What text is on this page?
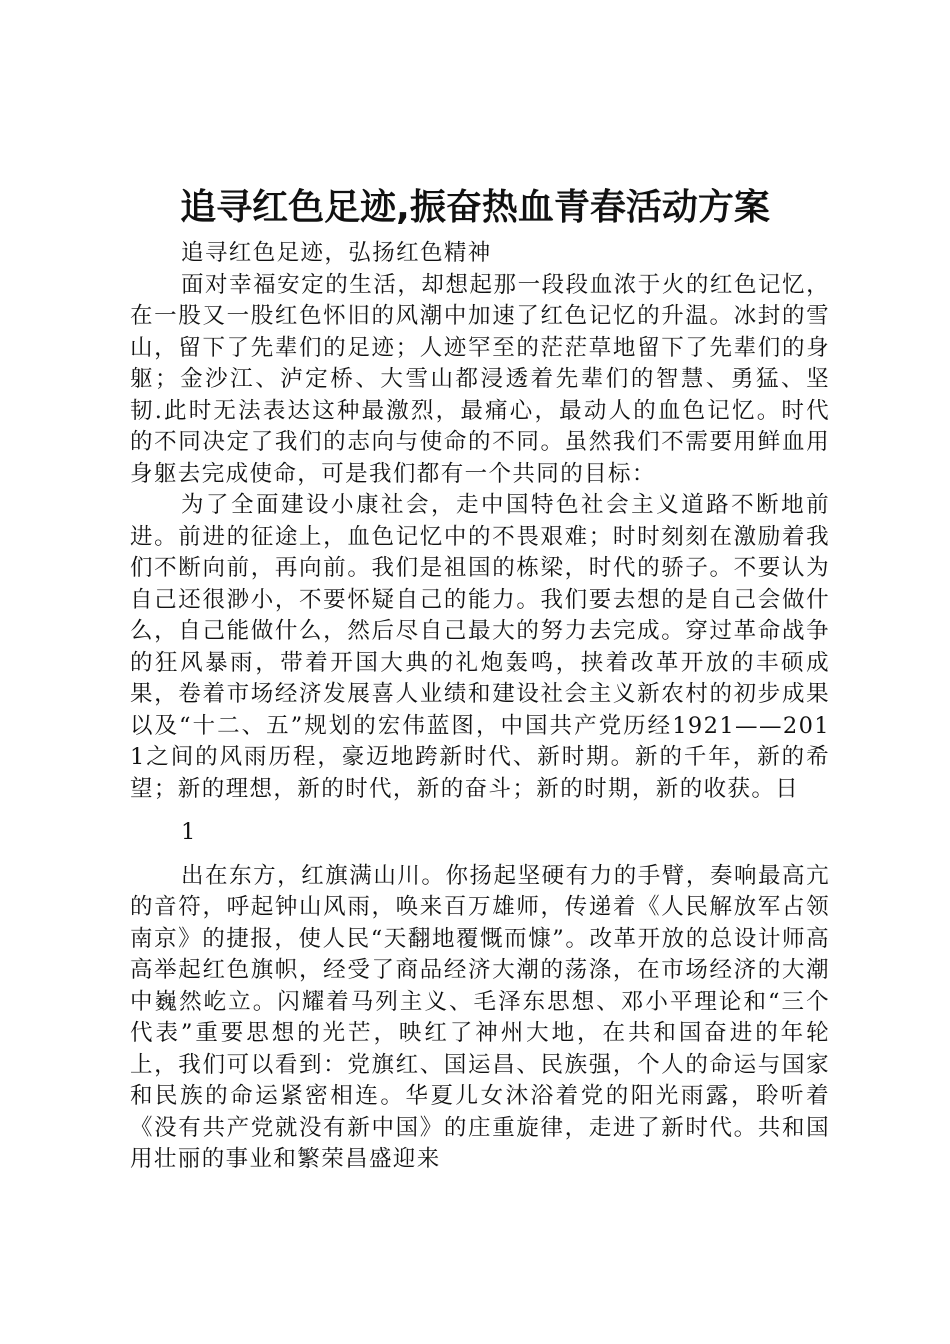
追寻红色足迹,振奋热血青春活动方案

追寻红色足迹，弘扬红色精神

面对幸福安定的生活，却想起那一段段血浓于火的红色记忆，在一股又一股红色怀旧的风潮中加速了红色记忆的升温。冰封的雪山，留下了先辈们的足迹；人迹罕至的茫茫草地留下了先辈们的身躯；金沙江、泸定桥、大雪山都浸透着先辈们的智慧、勇猛、坚韧.此时无法表达这种最激烈，最痛心，最动人的血色记忆。时代的不同决定了我们的志向与使命的不同。虽然我们不需要用鲜血用身躯去完成使命，可是我们都有一个共同的目标：

为了全面建设小康社会，走中国特色社会主义道路不断地前进。前进的征途上，血色记忆中的不畏艰难；时时刻刻在激励着我们不断向前，再向前。我们是祖国的栋梁，时代的骄子。不要认为自己还很渺小，不要怀疑自己的能力。我们要去想的是自己会做什么，自己能做什么，然后尽自己最大的努力去完成。穿过革命战争的狂风暴雨，带着开国大典的礼炮轰鸣，挟着改革开放的丰硕成果，卷着市场经济发展喜人业绩和建设社会主义新农村的初步成果以及“十二、五”规划的宏伟蓝图，中国共产党历经1921——2011之间的风雨历程，豪迈地跨新时代、新时期。新的千年，新的希望；新的理想，新的时代，新的奋斗；新的时期，新的收获。日

1

出在东方，红旗满山川。你扬起坚硬有力的手臂，奏响最高亢的音符，呼起钟山风雨，唤来百万雄师，传递着《人民解放军占领南京》的捷报，使人民“天翻地覆慨而慷”。改革开放的总设计师高高举起红色旗帜，经受了商品经济大潮的荡涤，在市场经济的大潮中巍然屹立。闪耀着马列主义、毛泽东思想、邓小平理论和“三个代表”重要思想的光芒，映红了神州大地，在共和国奋进的年轮上，我们可以看到：党旗红、国运昌、民族强，个人的命运与国家和民族的命运紧密相连。华夏儿女沐浴着党的阳光雨露，聆听着《没有共产党就没有新中国》的庄重旋律，走进了新时代。共和国用壮丽的事业和繁荣昌盛迎来
